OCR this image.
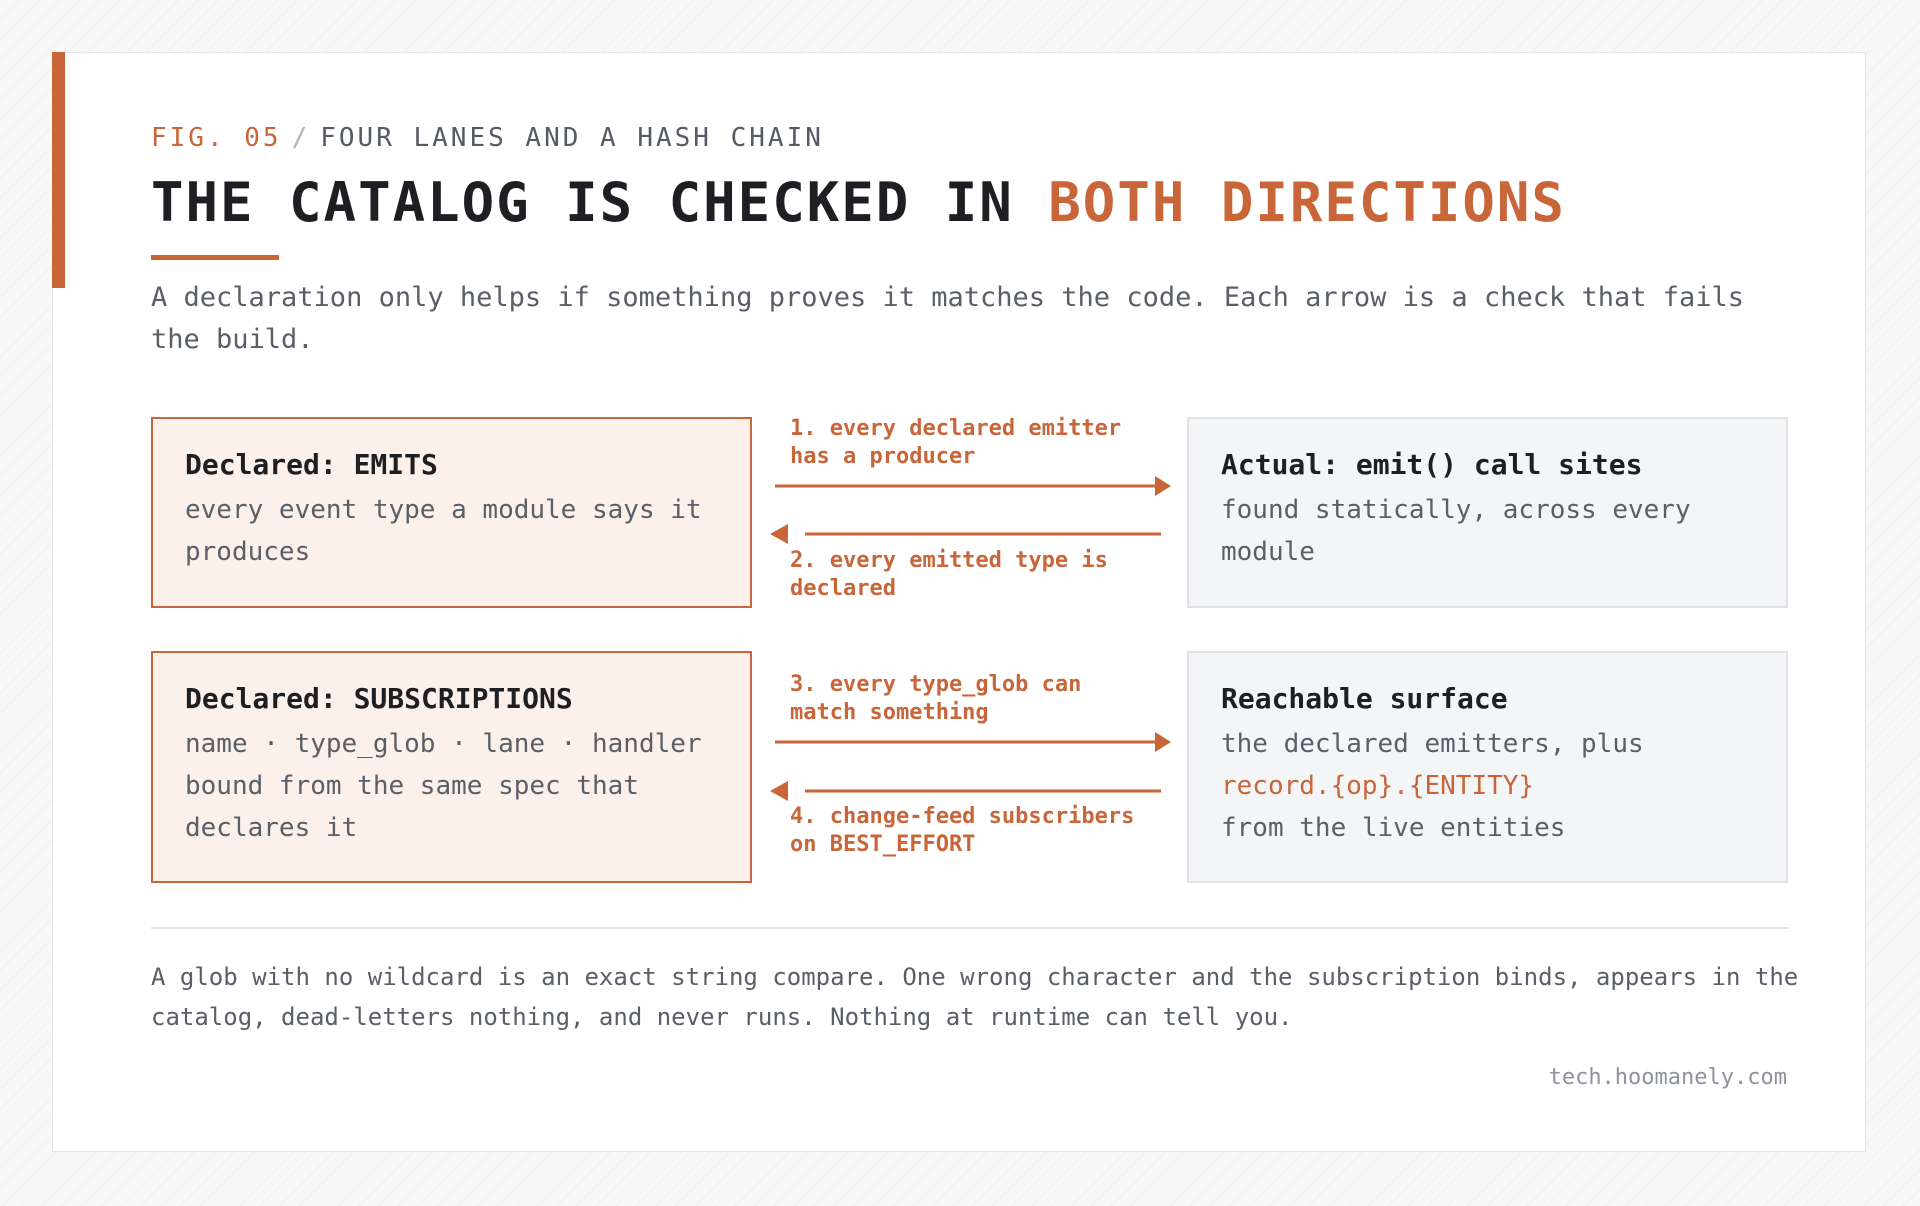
FIG. 05 / FOUR LANES AND A HASH CHAIN
THE CATALOG IS CHECKED IN BOTH DIRECTIONS
A declaration only helps if something proves it matches the code. Each arrow is a check that fails the build.
Declared: EMITS
every event type a module says it produces
Actual: emit() call sites
found statically, across every module
1. every declared emitter
has a producer
2. every emitted type is
declared
Declared: SUBSCRIPTIONS
name · type_glob · lane · handler bound from the same spec that declares it
Reachable surface
the declared emitters, plus
record.{op}.{ENTITY}
from the live entities
3. every type_glob can
match something
4. change-feed subscribers
on BEST_EFFORT
A glob with no wildcard is an exact string compare. One wrong character and the subscription binds, appears in the catalog, dead-letters nothing, and never runs. Nothing at runtime can tell you.
tech.hoomanely.com
